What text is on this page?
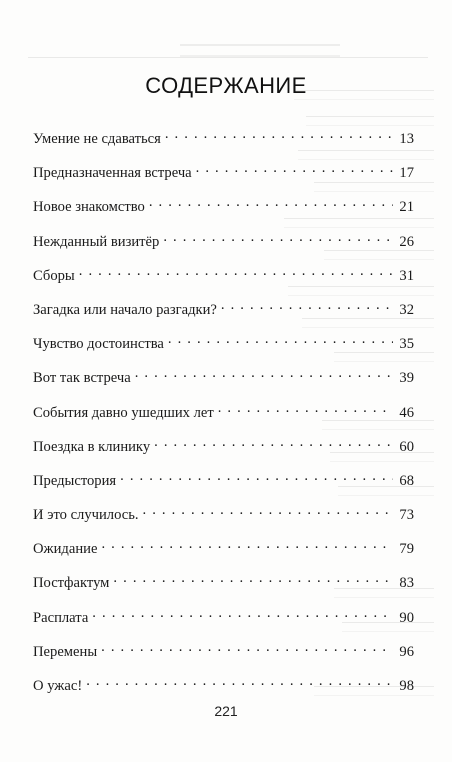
СОДЕРЖАНИЕ
Умение не сдаваться . . .	13
Предназначенная встреча . . .	17
Новое знакомство . . .	21
Нежданный визитёр . . .	26
Сборы . . .	31
Загадка или начало разгадки? . . .	32
Чувство достоинства . . .	35
Вот так встреча . . .	39
События давно ушедших лет . . .	46
Поездка в клинику . . .	60
Предыстория . . .	68
И это случилось. . . .	73
Ожидание . . .	79
Постфактум . . .	83
Расплата . . .	90
Перемены . . .	96
О ужас! . . .	98
221
